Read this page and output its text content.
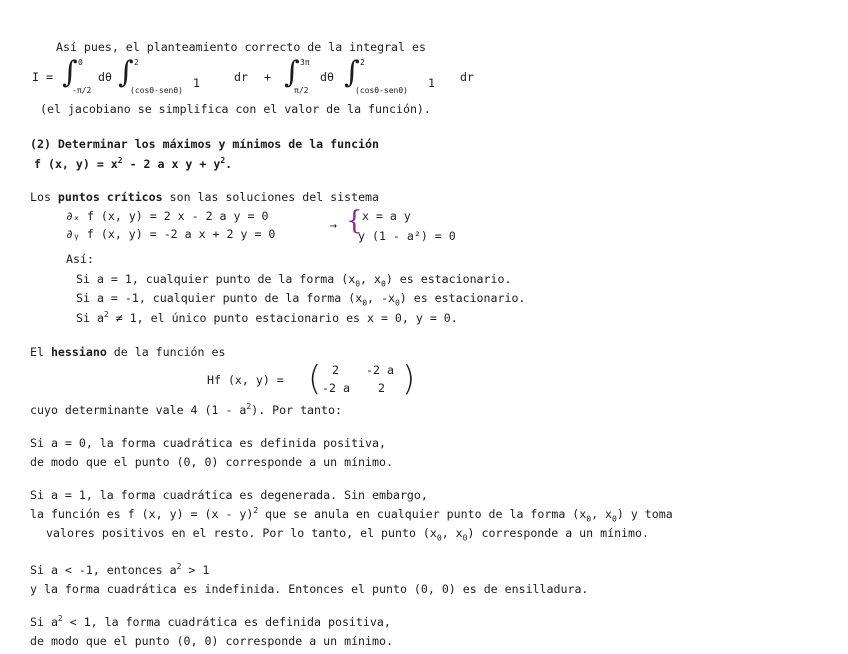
Así pues, el planteamiento correcto de la integral es
I = ∫ 0
-π/2
dθ ∫ 2
(cosθ-senθ)
1	dr + ∫ 3π
π/2
dθ ∫ 2
(cosθ-senθ)
1 dr
(el jacobiano se simplifica con el valor de la función).
(2) Determinar los máximos y mínimos de la función
f (x, $y) = x^2 - 2$ a x $y + y^2$.
Los puntos críticos son las soluciones del sistema
∂ₓ f (x, y) = 2 x - 2 a y = 0
∂ᵧ f (x, y) = -2 a x + 2 y = 0
→ { x = a y
y (1 - a²) = 0
Así:
Si a = 1, cualquier punto de la forma ($x_0$, $x_0$) es estacionario.
Si a = -1, cualquier punto de la forma ($x_0$, $-x_0$) es estacionario.
Si $a^2 \ne 1$, el único punto estacionario es x = 0, y = 0.
El hessiano de la función es
Hf (x, y) = ( 2 -2 a
-2 a 2 )
cuyo determinante vale 4 $(1 - a^2)$. Por tanto:
Si a = 0, la forma cuadrática es definida positiva,
de modo que el punto (0, 0) corresponde a un mínimo.
Si a = 1, la forma cuadrática es degenerada. Sin embargo,
la función es f (x, y) = (x - y)$^2$ que se anula en cualquier punto de la forma ($x_0$, $x_0$) y toma
valores positivos en el resto. Por lo tanto, el punto ($x_0$, $x_0$) corresponde a un mínimo.
Si a < -1, entonces $a^2 > 1$
y la forma cuadrática es indefinida. Entonces el punto (0, 0) es de ensilladura.
Si $a^2 < 1$, la forma cuadrática es definida positiva,
de modo que el punto (0, 0) corresponde a un mínimo.
